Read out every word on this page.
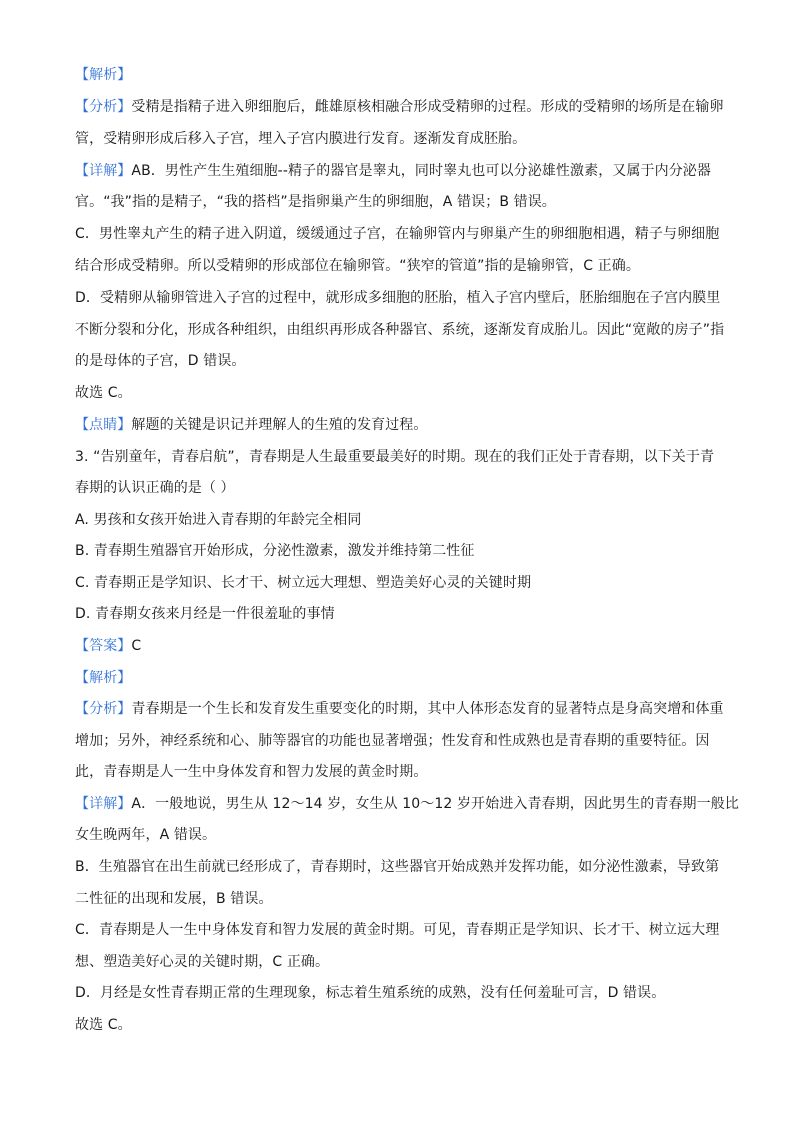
【解析】
【分析】受精是指精子进入卵细胞后，雌雄原核相融合形成受精卵的过程。形成的受精卵的场所是在输卵
管，受精卵形成后移入子宫，埋入子宫内膜进行发育。逐渐发育成胚胎。
【详解】AB．男性产生生殖细胞--精子的器官是睾丸，同时睾丸也可以分泌雄性激素，又属于内分泌器
官。“我”指的是精子，“我的搭档”是指卵巢产生的卵细胞，A 错误；B 错误。
C．男性睾丸产生的精子进入阴道，缓缓通过子宫，在输卵管内与卵巢产生的卵细胞相遇，精子与卵细胞
结合形成受精卵。所以受精卵的形成部位在输卵管。“狭窄的管道”指的是输卵管，C 正确。
D．受精卵从输卵管进入子宫的过程中，就形成多细胞的胚胎，植入子宫内壁后，胚胎细胞在子宫内膜里
不断分裂和分化，形成各种组织，由组织再形成各种器官、系统，逐渐发育成胎儿。因此“宽敞的房子”指
的是母体的子宫，D 错误。
故选 C。
【点睛】解题的关键是识记并理解人的生殖的发育过程。
3. “告别童年，青春启航”，青春期是人生最重要最美好的时期。现在的我们正处于青春期，以下关于青
春期的认识正确的是（ ）
A. 男孩和女孩开始进入青春期的年龄完全相同
B. 青春期生殖器官开始形成，分泌性激素，激发并维持第二性征
C. 青春期正是学知识、长才干、树立远大理想、塑造美好心灵的关键时期
D. 青春期女孩来月经是一件很羞耻的事情
【答案】C
【解析】
【分析】青春期是一个生长和发育发生重要变化的时期，其中人体形态发育的显著特点是身高突增和体重
增加；另外，神经系统和心、肺等器官的功能也显著增强；性发育和性成熟也是青春期的重要特征。因
此，青春期是人一生中身体发育和智力发展的黄金时期。
【详解】A．一般地说，男生从 12～14 岁，女生从 10～12 岁开始进入青春期，因此男生的青春期一般比
女生晚两年，A 错误。
B．生殖器官在出生前就已经形成了，青春期时，这些器官开始成熟并发挥功能，如分泌性激素，导致第
二性征的出现和发展，B 错误。
C．青春期是人一生中身体发育和智力发展的黄金时期。可见，青春期正是学知识、长才干、树立远大理
想、塑造美好心灵的关键时期，C 正确。
D．月经是女性青春期正常的生理现象，标志着生殖系统的成熟，没有任何羞耻可言，D 错误。
故选 C。
